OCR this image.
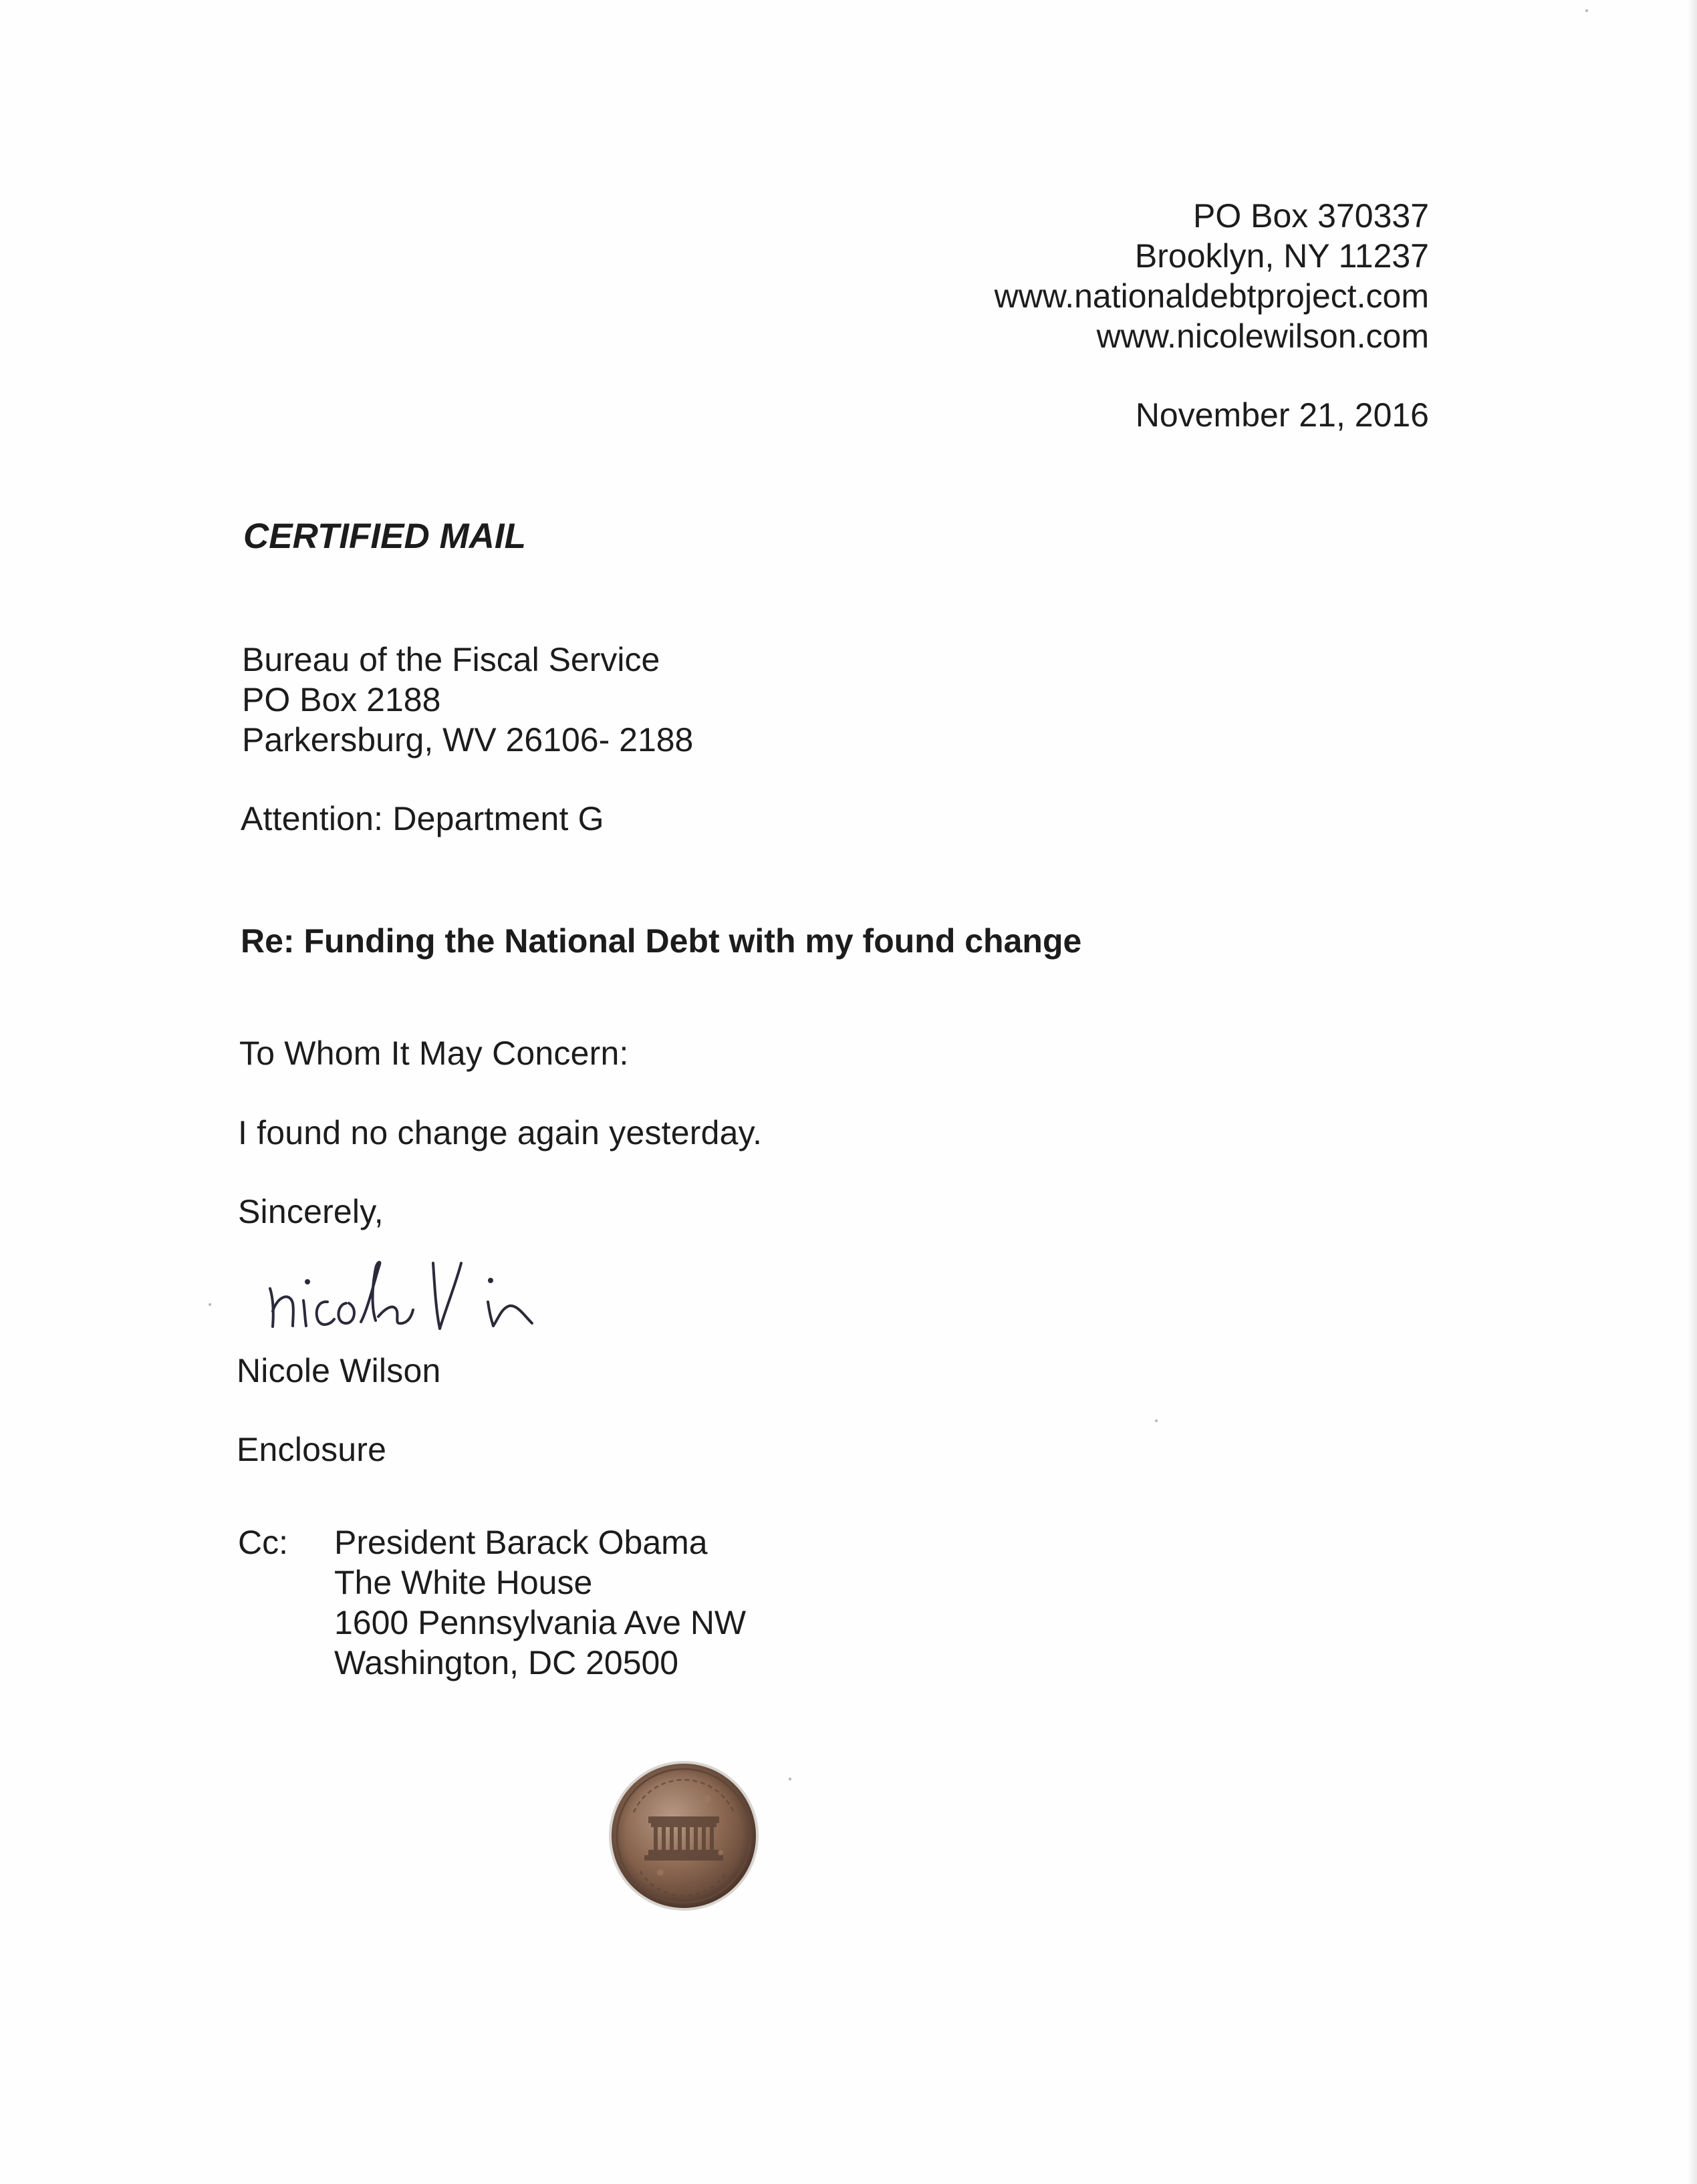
PO Box 370337
Brooklyn, NY 11237
www.nationaldebtproject.com
www.nicolewilson.com
November 21, 2016
CERTIFIED MAIL
Bureau of the Fiscal Service
PO Box 2188
Parkersburg, WV 26106- 2188
Attention: Department G
Re: Funding the National Debt with my found change
To Whom It May Concern:
I found no change again yesterday.
Sincerely,
Nicole Wilson
Enclosure
Cc: President Barack Obama
The White House
1600 Pennsylvania Ave NW
Washington, DC 20500
